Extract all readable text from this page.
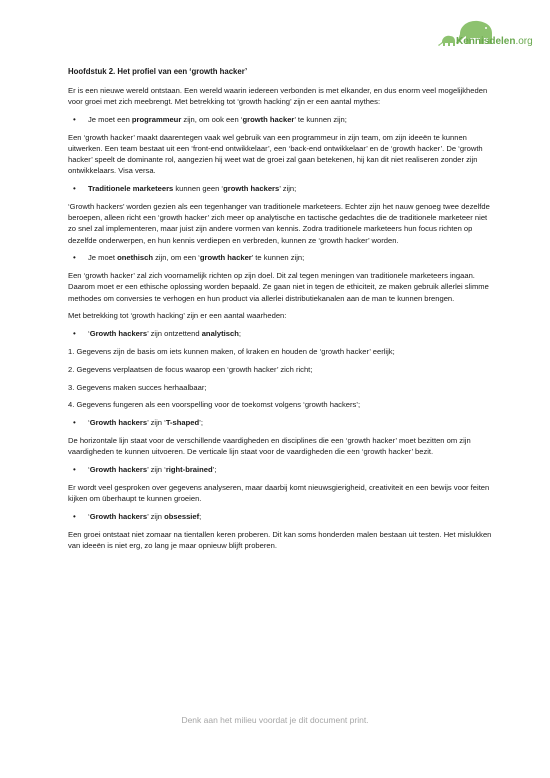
Kennisdelen.org
Hoofdstuk 2. Het profiel van een ‘growth hacker’

Er is een nieuwe wereld ontstaan. Een wereld waarin iedereen verbonden is met elkander, en dus enorm veel mogelijkheden voor groei met zich meebrengt. Met betrekking tot ‘growth hacking’ zijn er een aantal mythes:

• Je moet een programmeur zijn, om ook een ‘growth hacker’ te kunnen zijn;

Een ‘growth hacker’ maakt daarentegen vaak wel gebruik van een programmeur in zijn team, om zijn ideeën te kunnen uitwerken. Een team bestaat uit een ‘front-end ontwikkelaar’, een ‘back-end ontwikkelaar’ en de ‘growth hacker’. De ‘growth hacker’ speelt de dominante rol, aangezien hij weet wat de groei zal gaan betekenen, hij kan dit niet realiseren zonder zijn ontwikkelaars. Visa versa.

• Traditionele marketeers kunnen geen ‘growth hackers’ zijn;

‘Growth hackers’ worden gezien als een tegenhanger van traditionele marketeers. Echter zijn het nauw genoeg twee dezelfde beroepen, alleen richt een ‘growth hacker’ zich meer op analytische en tactische gedachtes die de traditionele marketeer niet zo snel zal implementeren, maar juist zijn andere vormen van kennis. Zodra traditionele marketeers hun focus richten op dezelfde onderwerpen, en hun kennis verdiepen en verbreden, kunnen ze ‘growth hacker’ worden.

• Je moet onethisch zijn, om een ‘growth hacker’ te kunnen zijn;

Een ‘growth hacker’ zal zich voornamelijk richten op zijn doel. Dit zal tegen meningen van traditionele marketeers ingaan. Daarom moet er een ethische oplossing worden bepaald. Ze gaan niet in tegen de ethiciteit, ze maken gebruik allerlei slimme methodes om conversies te verhogen en hun product via allerlei distributiekanalen aan de man te kunnen brengen.

Met betrekking tot ‘growth hacking’ zijn er een aantal waarheden:

• ‘Growth hackers’ zijn ontzettend analytisch;

1. Gegevens zijn de basis om iets kunnen maken, of kraken en houden de ‘growth hacker’ eerlijk;

2. Gegevens verplaatsen de focus waarop een ‘growth hacker’ zich richt;

3. Gegevens maken succes herhaalbaar;

4. Gegevens fungeren als een voorspelling voor de toekomst volgens ‘growth hackers’;

• ‘Growth hackers’ zijn ‘T-shaped’;

De horizontale lijn staat voor de verschillende vaardigheden en disciplines die een ‘growth hacker’ moet bezitten om zijn vaardigheden te kunnen uitvoeren. De verticale lijn staat voor de vaardigheden die een ‘growth hacker’ bezit.

• ‘Growth hackers’ zijn ‘right-brained’;

Er wordt veel gesproken over gegevens analyseren, maar daarbij komt nieuwsgierigheid, creativiteit en een bewijs voor feiten kijken om überhaupt te kunnen groeien.

• ‘Growth hackers’ zijn obsessief;

Een groei ontstaat niet zomaar na tientallen keren proberen. Dit kan soms honderden malen bestaan uit testen. Het mislukken van ideeën is niet erg, zo lang je maar opnieuw blijft proberen.

Denk aan het milieu voordat je dit document print.
